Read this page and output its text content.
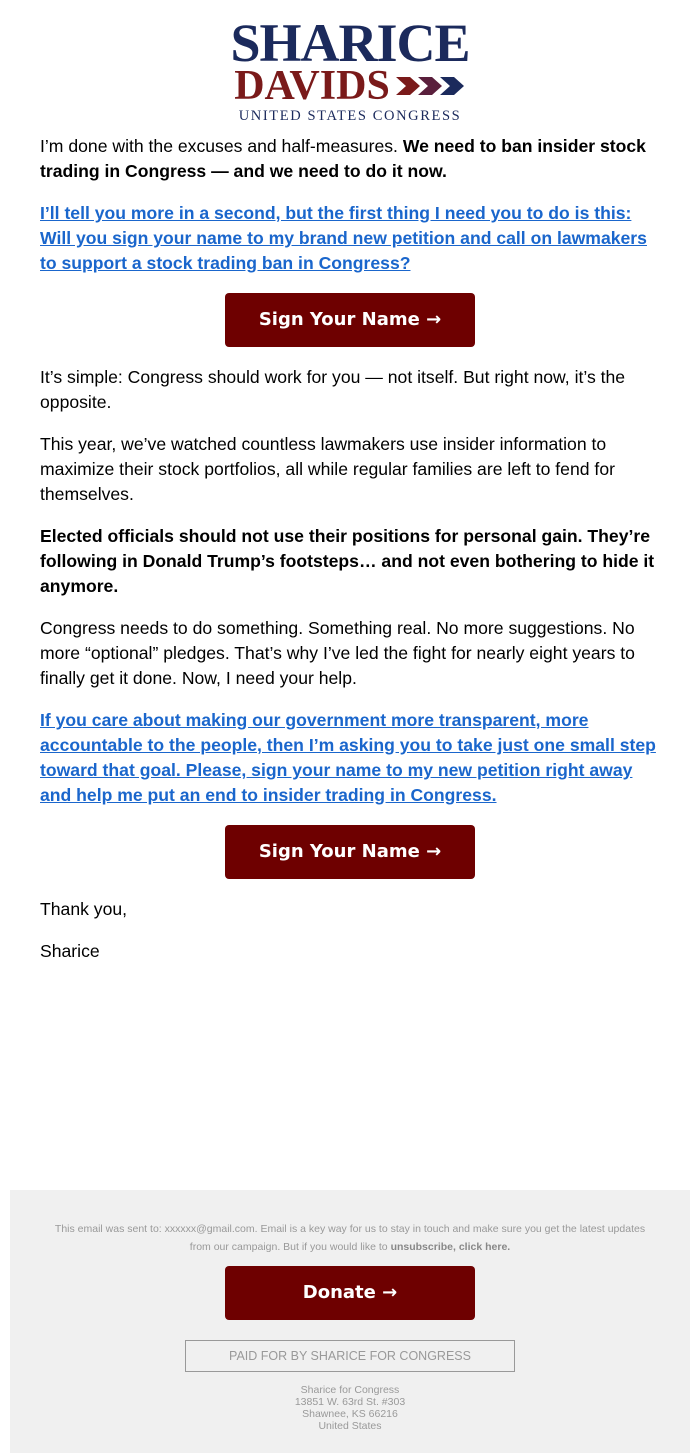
SHARICE
DAVIDS
UNITED STATES CONGRESS

I’m done with the excuses and half-measures. We need to ban insider stock trading in Congress — and we need to do it now.

I’ll tell you more in a second, but the first thing I need you to do is this: Will you sign your name to my brand new petition and call on lawmakers to support a stock trading ban in Congress?

Sign Your Name →

It’s simple: Congress should work for you — not itself. But right now, it’s the opposite.

This year, we’ve watched countless lawmakers use insider information to maximize their stock portfolios, all while regular families are left to fend for themselves.

Elected officials should not use their positions for personal gain. They’re following in Donald Trump’s footsteps… and not even bothering to hide it anymore.

Congress needs to do something. Something real. No more suggestions. No more “optional” pledges. That’s why I’ve led the fight for nearly eight years to finally get it done. Now, I need your help.

If you care about making our government more transparent, more accountable to the people, then I’m asking you to take just one small step toward that goal. Please, sign your name to my new petition right away and help me put an end to insider trading in Congress.

Sign Your Name →

Thank you,

Sharice

This email was sent to: xxxxxx@gmail.com. Email is a key way for us to stay in touch and make sure you get the latest updates from our campaign. But if you would like to unsubscribe, click here.
Donate →
PAID FOR BY SHARICE FOR CONGRESS
Sharice for Congress
13851 W. 63rd St. #303
Shawnee, KS 66216
United States
